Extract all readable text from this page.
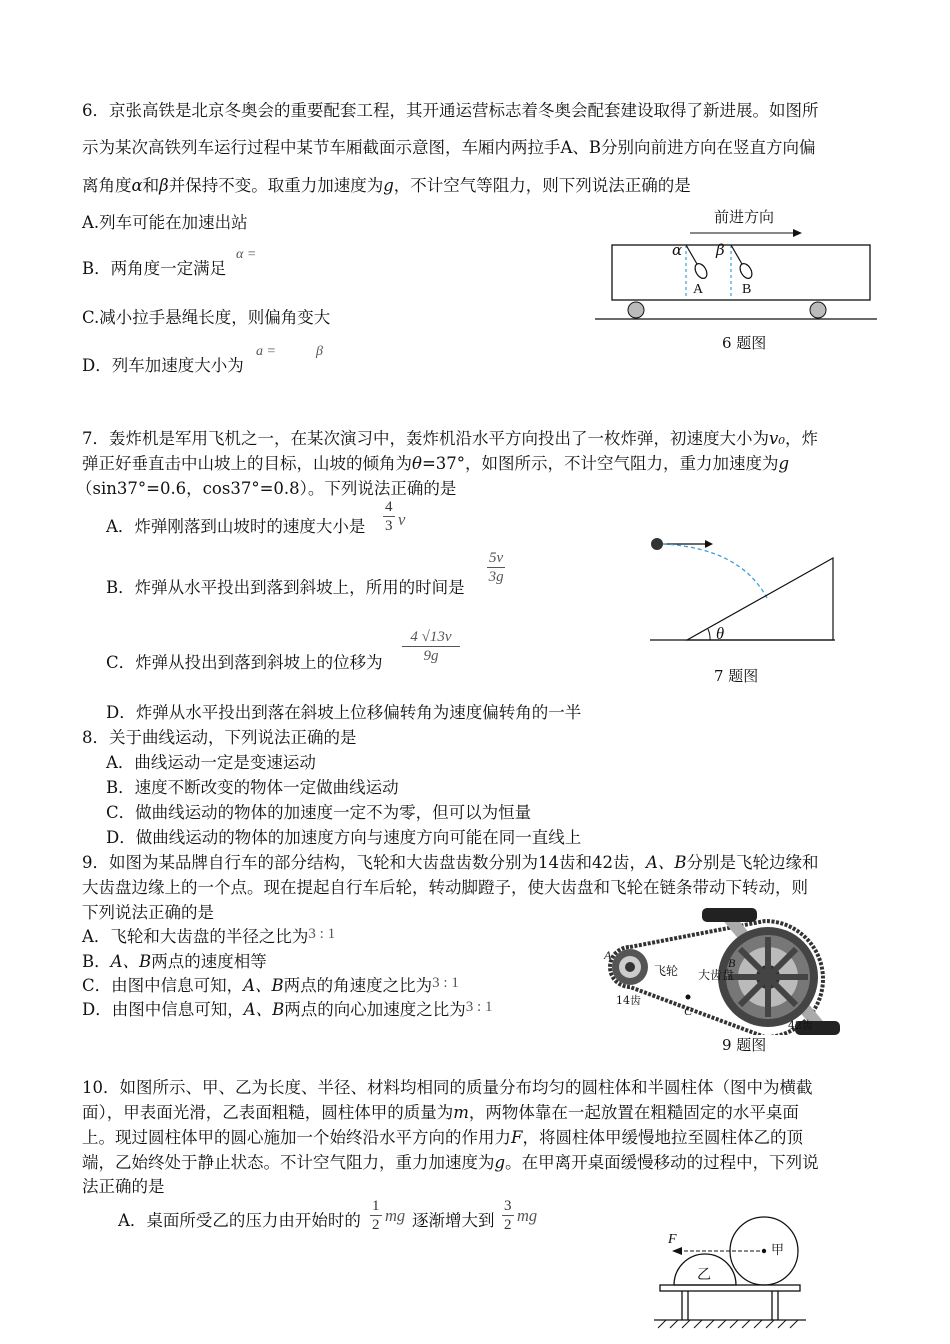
6．京张高铁是北京冬奥会的重要配套工程，其开通运营标志着冬奥会配套建设取得了新进展。如图所
示为某次高铁列车运行过程中某节车厢截面示意图，车厢内两拉手A、B分别向前进方向在竖直方向偏
离角度α和β并保持不变。取重力加速度为g，不计空气等阻力，则下列说法正确的是
A.列车可能在加速出站
B．两角度一定满足
α =
C.减小拉手悬绳长度，则偏角变大
D．列车加速度大小为
a =	β
前进方向
α β
A	B
6 题图
7．轰炸机是军用飞机之一，在某次演习中，轰炸机沿水平方向投出了一枚炸弹，初速度大小为v₀，炸
弹正好垂直击中山坡上的目标，山坡的倾角为θ=37°，如图所示，不计空气阻力，重力加速度为g
（sin37°=0.6，cos37°=0.8）。下列说法正确的是
A．炸弹刚落到山坡时的速度大小是 $\frac{4}{3}$ v
B．炸弹从水平投出到落到斜坡上，所用的时间是
$\frac{5v}{3g}$
C．炸弹从投出到落到斜坡上的位移为 $\frac{4 √13v}{9g}$
D．炸弹从水平投出到落在斜坡上位移偏转角为速度偏转角的一半
θ
7 题图
8．关于曲线运动，下列说法正确的是
A．曲线运动一定是变速运动
B．速度不断改变的物体一定做曲线运动
C．做曲线运动的物体的加速度一定不为零，但可以为恒量
D．做曲线运动的物体的加速度方向与速度方向可能在同一直线上
9．如图为某品牌自行车的部分结构，飞轮和大齿盘齿数分别为14齿和42齿，A、B分别是飞轮边缘和
大齿盘边缘上的一个点。现在提起自行车后轮，转动脚蹬子，使大齿盘和飞轮在链条带动下转动，则
下列说法正确的是
A．飞轮和大齿盘的半径之比为3 : 1
B．A、B两点的速度相等
C．由图中信息可知，A、B两点的角速度之比为3 : 1
D．由图中信息可知，A、B两点的向心加速度之比为3 : 1
A
B
C
飞轮 大齿盘
14齿
42齿
9 题图
10．如图所示、甲、乙为长度、半径、材料均相同的质量分布均匀的圆柱体和半圆柱体（图中为横截
面），甲表面光滑，乙表面粗糙，圆柱体甲的质量为m，两物体靠在一起放置在粗糙固定的水平桌面
上。现过圆柱体甲的圆心施加一个始终沿水平方向的作用力F，将圆柱体甲缓慢地拉至圆柱体乙的顶
端，乙始终处于静止状态。不计空气阻力，重力加速度为g。在甲离开桌面缓慢移动的过程中，下列说
法正确的是
A．桌面所受乙的压力由开始时的 $\frac{1}{2}$ mg 逐渐增大到 $\frac{3}{2}$ mg
F
甲
乙
